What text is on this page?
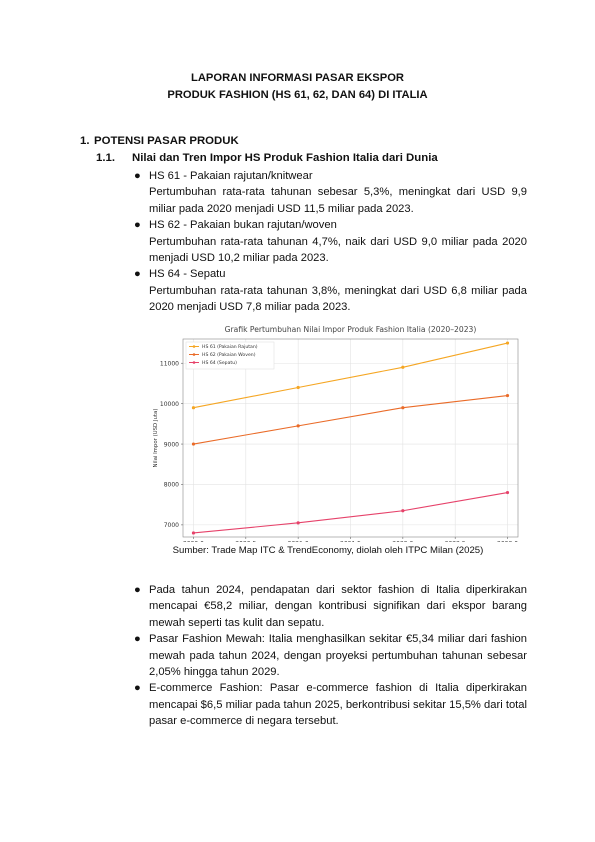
LAPORAN INFORMASI PASAR EKSPOR
PRODUK FASHION (HS 61, 62, DAN 64) DI ITALIA
1. POTENSI PASAR PRODUK
1.1. Nilai dan Tren Impor HS Produk Fashion Italia dari Dunia
● HS 61 - Pakaian rajutan/knitwear
Pertumbuhan rata-rata tahunan sebesar 5,3%, meningkat dari USD 9,9 miliar pada 2020 menjadi USD 11,5 miliar pada 2023.
● HS 62 - Pakaian bukan rajutan/woven
Pertumbuhan rata-rata tahunan 4,7%, naik dari USD 9,0 miliar pada 2020 menjadi USD 10,2 miliar pada 2023.
● HS 64 - Sepatu
Pertumbuhan rata-rata tahunan 3,8%, meningkat dari USD 6,8 miliar pada 2020 menjadi USD 7,8 miliar pada 2023.
Grafik Pertumbuhan Nilai Impor Produk Fashion Italia (2020–2023)
7000
8000
9000
10000
11000
Nilai Impor (USD Juta)
HS 61 (Pakaian Rajutan)
HS 62 (Pakaian Woven)
HS 64 (Sepatu)
Sumber: Trade Map ITC & TrendEconomy, diolah oleh ITPC Milan (2025)
● Pada tahun 2024, pendapatan dari sektor fashion di Italia diperkirakan mencapai €58,2 miliar, dengan kontribusi signifikan dari ekspor barang mewah seperti tas kulit dan sepatu.
● Pasar Fashion Mewah: Italia menghasilkan sekitar €5,34 miliar dari fashion mewah pada tahun 2024, dengan proyeksi pertumbuhan tahunan sebesar 2,05% hingga tahun 2029.
● E-commerce Fashion: Pasar e-commerce fashion di Italia diperkirakan mencapai $6,5 miliar pada tahun 2025, berkontribusi sekitar 15,5% dari total pasar e-commerce di negara tersebut.
